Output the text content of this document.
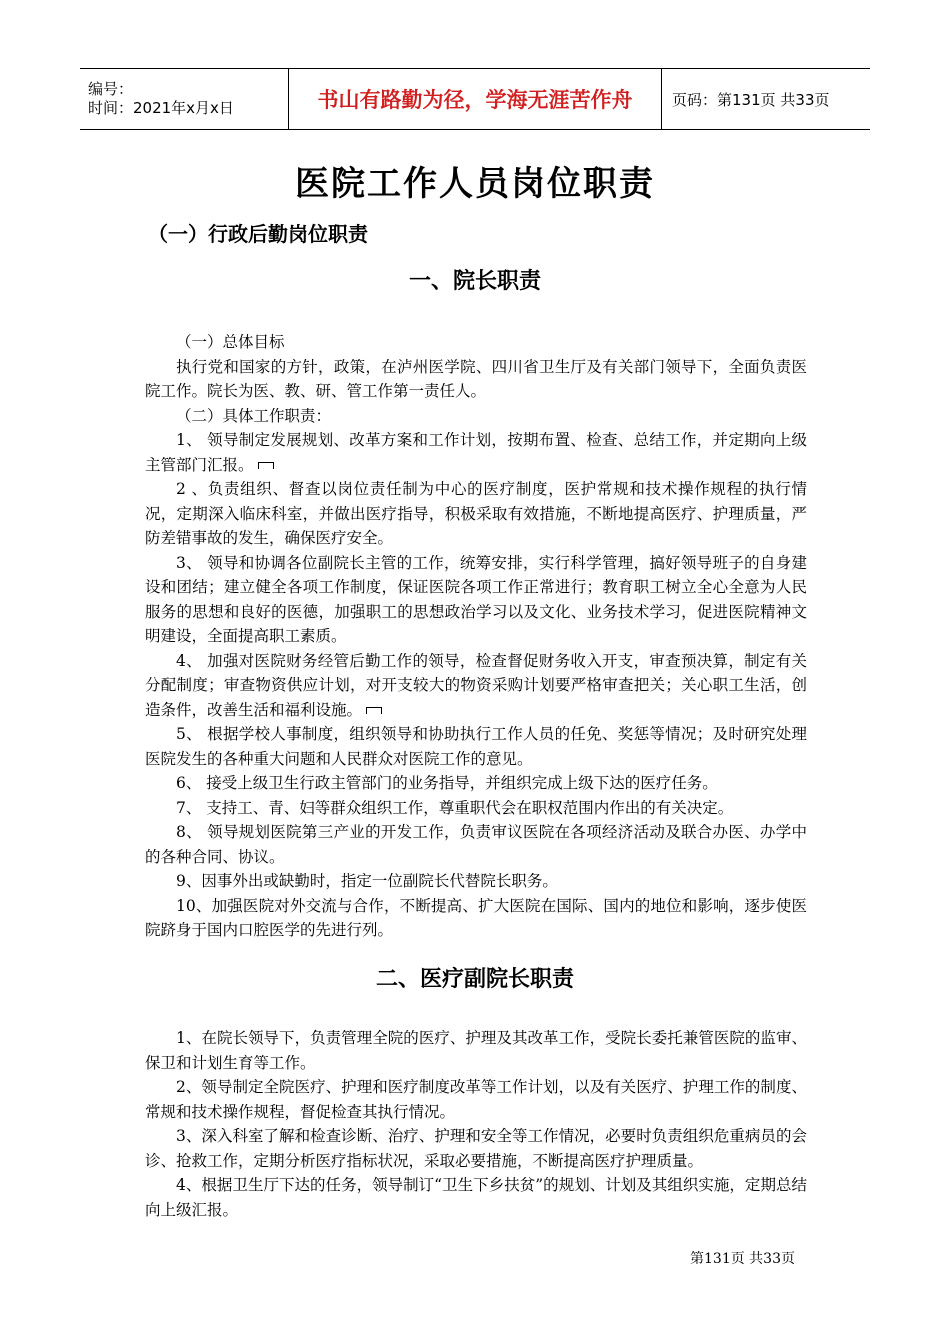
编号：
时间：2021年x月x日	书山有路勤为径，学海无涯苦作舟	页码：第131页 共33页
医院工作人员岗位职责
（一）行政后勤岗位职责
一、院长职责

（一）总体目标

执行党和国家的方针，政策，在泸州医学院、四川省卫生厅及有关部门领导下，全面负责医院工作。院长为医、教、研、管工作第一责任人。

（二）具体工作职责：

1、 领导制定发展规划、改革方案和工作计划，按期布置、检查、总结工作，并定期向上级主管部门汇报。

2 、负责组织、督查以岗位责任制为中心的医疗制度，医护常规和技术操作规程的执行情况，定期深入临床科室，并做出医疗指导，积极采取有效措施，不断地提高医疗、护理质量，严防差错事故的发生，确保医疗安全。

3、 领导和协调各位副院长主管的工作，统筹安排，实行科学管理，搞好领导班子的自身建设和团结；建立健全各项工作制度，保证医院各项工作正常进行；教育职工树立全心全意为人民服务的思想和良好的医德，加强职工的思想政治学习以及文化、业务技术学习，促进医院精神文明建设，全面提高职工素质。

4、 加强对医院财务经管后勤工作的领导，检查督促财务收入开支，审查预决算，制定有关分配制度；审查物资供应计划，对开支较大的物资采购计划要严格审查把关；关心职工生活，创造条件，改善生活和福利设施。

5、 根据学校人事制度，组织领导和协助执行工作人员的任免、奖惩等情况；及时研究处理医院发生的各种重大问题和人民群众对医院工作的意见。

6、 接受上级卫生行政主管部门的业务指导，并组织完成上级下达的医疗任务。

7、 支持工、青、妇等群众组织工作，尊重职代会在职权范围内作出的有关决定。

8、 领导规划医院第三产业的开发工作，负责审议医院在各项经济活动及联合办医、办学中的各种合同、协议。

9、因事外出或缺勤时，指定一位副院长代替院长职务。

10、加强医院对外交流与合作，不断提高、扩大医院在国际、国内的地位和影响，逐步使医院跻身于国内口腔医学的先进行列。

二、医疗副院长职责

1、在院长领导下，负责管理全院的医疗、护理及其改革工作，受院长委托兼管医院的监审、保卫和计划生育等工作。

2、领导制定全院医疗、护理和医疗制度改革等工作计划，以及有关医疗、护理工作的制度、常规和技术操作规程，督促检查其执行情况。

3、深入科室了解和检查诊断、治疗、护理和安全等工作情况，必要时负责组织危重病员的会诊、抢救工作，定期分析医疗指标状况，采取必要措施，不断提高医疗护理质量。

4、根据卫生厅下达的任务，领导制订“卫生下乡扶贫”的规划、计划及其组织实施，定期总结向上级汇报。

第131页 共33页
